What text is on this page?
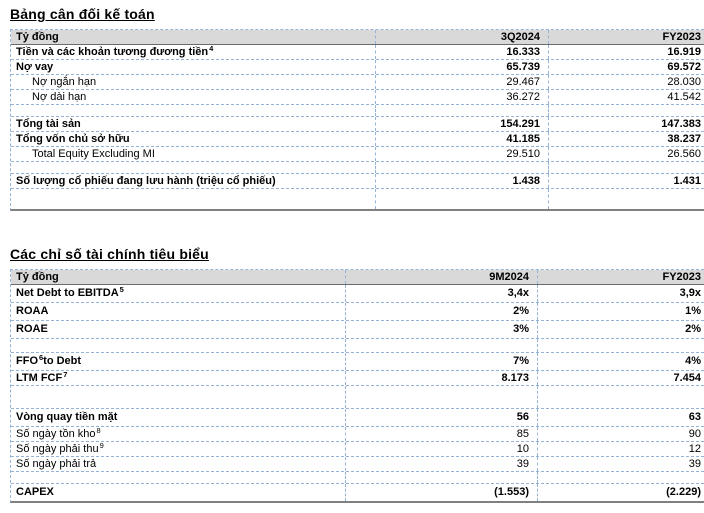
Bảng cân đối kế toán
Tỷ đồng	3Q2024	FY2023
Tiền và các khoản tương đương tiền$^4$	16.333	16.919
Nợ vay	65.739	69.572
Nợ ngắn hạn	29.467	28.030
Nợ dài hạn	36.272	41.542
Tổng tài sản	154.291	147.383
Tổng vốn chủ sở hữu	41.185	38.237
Total Equity Excluding MI	29.510	26.560
Số lượng cổ phiếu đang lưu hành (triệu cổ phiếu)	1.438	1.431
Các chỉ số tài chính tiêu biểu
Tỷ đồng	9M2024	FY2023
Net Debt to EBITDA$^5$	3,4x	3,9x
ROAA	2%	1%
ROAE	3%	2%
FFO$^6$ to Debt	7%	4%
LTM FCF$^7$	8.173	7.454
Vòng quay tiền mặt	56	63
Số ngày tồn kho$^8$	85	90
Số ngày phải thu$^9$	10	12
Số ngày phải trả	39	39
CAPEX	(1.553)	(2.229)
